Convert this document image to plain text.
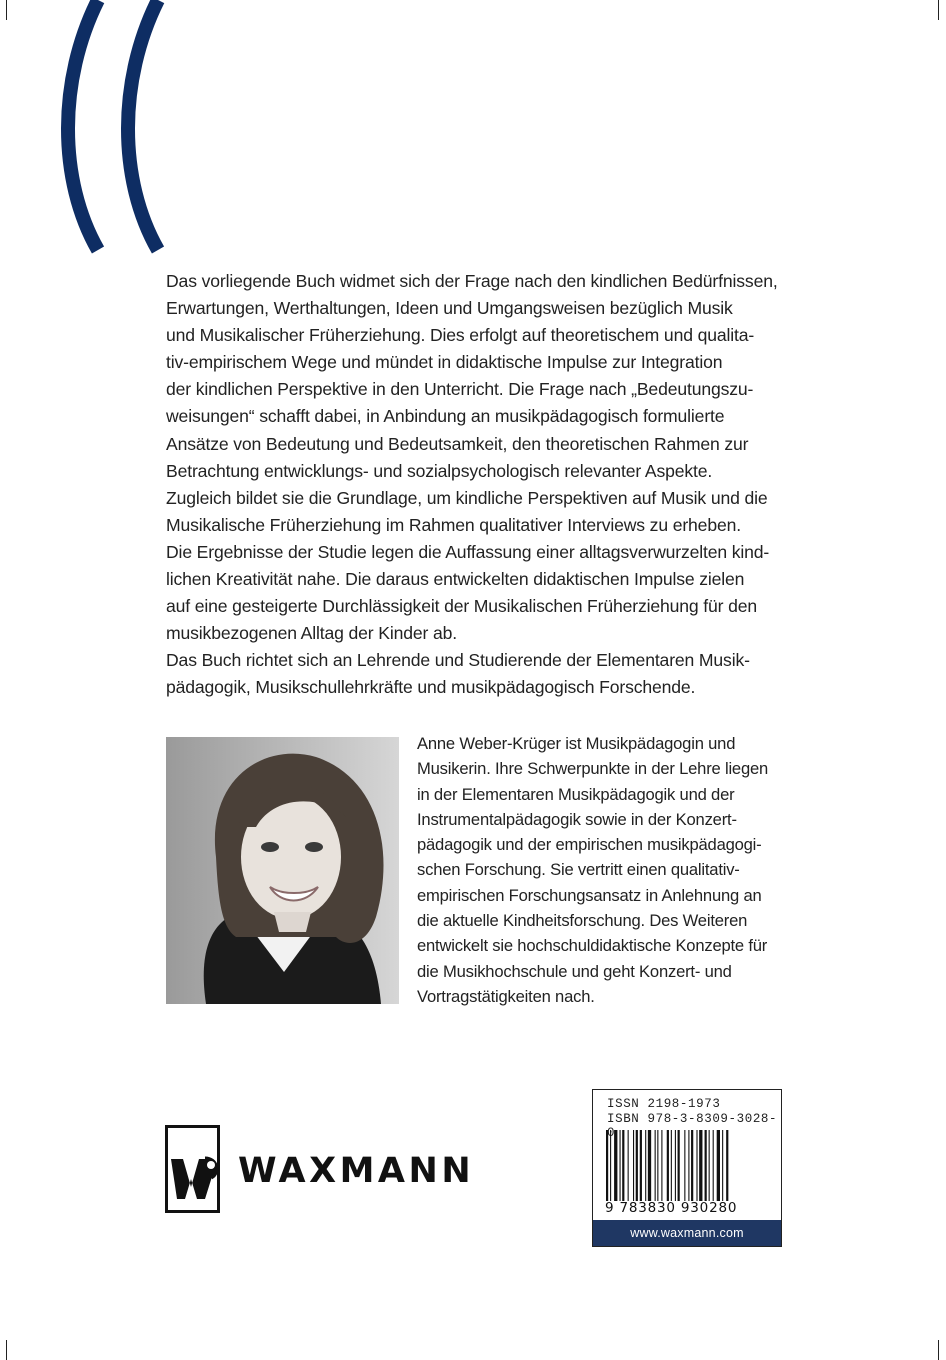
Das vorliegende Buch widmet sich der Frage nach den kindlichen Bedürfnissen,
Erwartungen, Werthaltungen, Ideen und Umgangsweisen bezüglich Musik
und Musikalischer Früherziehung. Dies erfolgt auf theoretischem und qualita-
tiv-empirischem Wege und mündet in didaktische Impulse zur Integration
der kindlichen Perspektive in den Unterricht. Die Frage nach „Bedeutungszu-
weisungen“ schafft dabei, in Anbindung an musikpädagogisch formulierte
Ansätze von Bedeutung und Bedeutsamkeit, den theoretischen Rahmen zur
Betrachtung entwicklungs- und sozialpsychologisch relevanter Aspekte.
Zugleich bildet sie die Grundlage, um kindliche Perspektiven auf Musik und die
Musikalische Früherziehung im Rahmen qualitativer Interviews zu erheben.
Die Ergebnisse der Studie legen die Auffassung einer alltagsverwurzelten kind-
lichen Kreativität nahe. Die daraus entwickelten didaktischen Impulse zielen
auf eine gesteigerte Durchlässigkeit der Musikalischen Früherziehung für den
musikbezogenen Alltag der Kinder ab.

Das Buch richtet sich an Lehrende und Studierende der Elementaren Musik-
pädagogik, Musikschullehrkräfte und musikpädagogisch Forschende.

Anne Weber-Krüger ist Musikpädagogin und
Musikerin. Ihre Schwerpunkte in der Lehre liegen
in der Elementaren Musikpädagogik und der
Instrumentalpädagogik sowie in der Konzert-
pädagogik und der empirischen musikpädagogi-
schen Forschung. Sie vertritt einen qualitativ-
empirischen Forschungsansatz in Anlehnung an
die aktuelle Kindheitsforschung. Des Weiteren
entwickelt sie hochschuldidaktische Konzepte für
die Musikhochschule und geht Konzert- und
Vortragstätigkeiten nach.
WAXMANN
ISSN 2198-1973
ISBN 978-3-8309-3028-
9 783830 930280
www.waxmann.com
